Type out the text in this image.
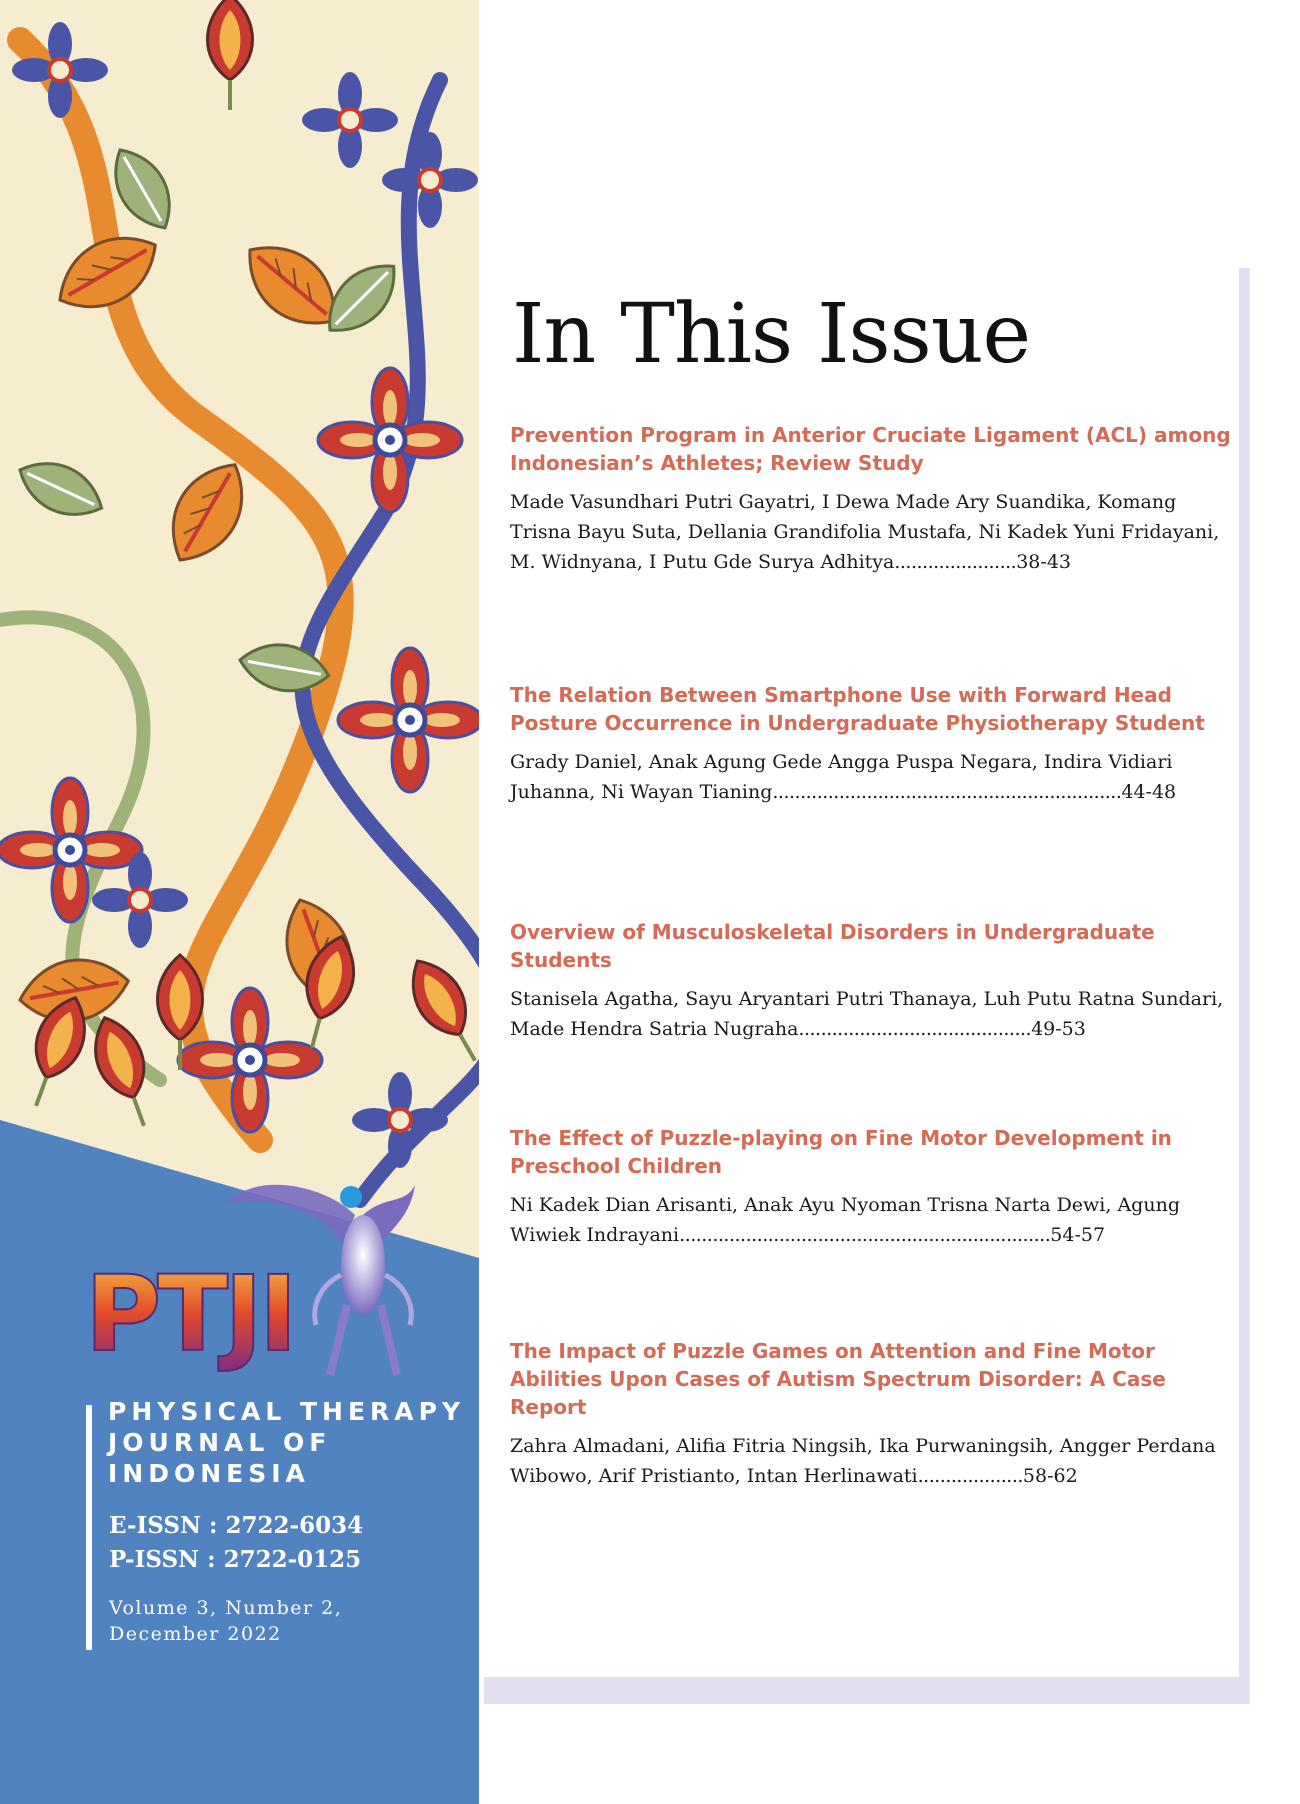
PTJI
PHYSICAL THERAPY
JOURNAL OF
INDONESIA
E-ISSN : 2722-6034
P-ISSN : 2722-0125
Volume 3, Number 2,
December 2022
In This Issue
Prevention Program in Anterior Cruciate Ligament (ACL) among Indonesian’s Athletes; Review Study
Made Vasundhari Putri Gayatri, I Dewa Made Ary Suandika, Komang Trisna Bayu Suta, Dellania Grandifolia Mustafa, Ni Kadek Yuni Fridayani, M. Widnyana, I Putu Gde Surya Adhitya......................38-43
The Relation Between Smartphone Use with Forward Head Posture Occurrence in Undergraduate Physiotherapy Student
Grady Daniel, Anak Agung Gede Angga Puspa Negara, Indira Vidiari Juhanna, Ni Wayan Tianing...............................................................44-48
Overview of Musculoskeletal Disorders in Undergraduate Students
Stanisela Agatha, Sayu Aryantari Putri Thanaya, Luh Putu Ratna Sundari, Made Hendra Satria Nugraha..........................................49-53
The Effect of Puzzle-playing on Fine Motor Development in Preschool Children
Ni Kadek Dian Arisanti, Anak Ayu Nyoman Trisna Narta Dewi, Agung Wiwiek Indrayani...................................................................54-57
The Impact of Puzzle Games on Attention and Fine Motor Abilities Upon Cases of Autism Spectrum Disorder: A Case Report
Zahra Almadani, Alifia Fitria Ningsih, Ika Purwaningsih, Angger Perdana Wibowo, Arif Pristianto, Intan Herlinawati...................58-62
